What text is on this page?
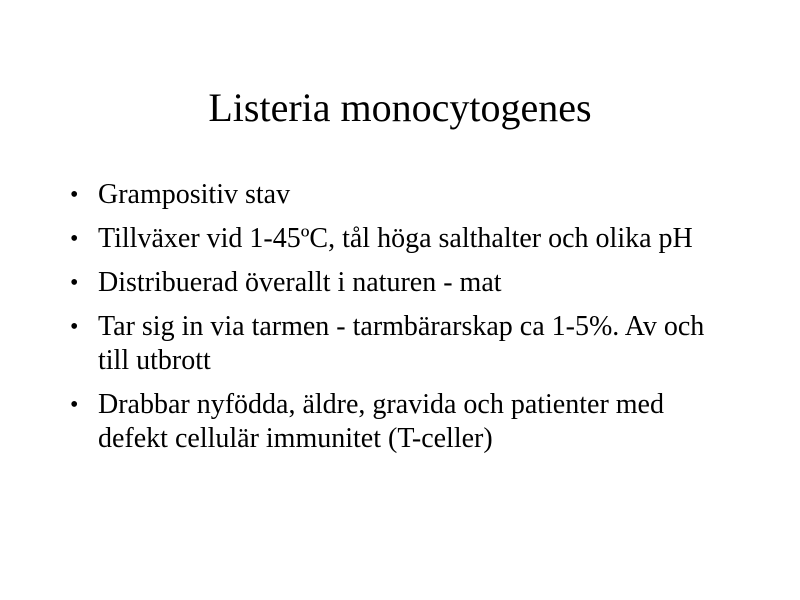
Listeria monocytogenes
• Grampositiv stav
• Tillväxer vid 1-45ºC, tål höga salthalter och olika pH
• Distribuerad överallt i naturen - mat
• Tar sig in via tarmen - tarmbärarskap ca 1-5%. Av och till utbrott
• Drabbar nyfödda, äldre, gravida och patienter med defekt cellulär immunitet (T-celler)
